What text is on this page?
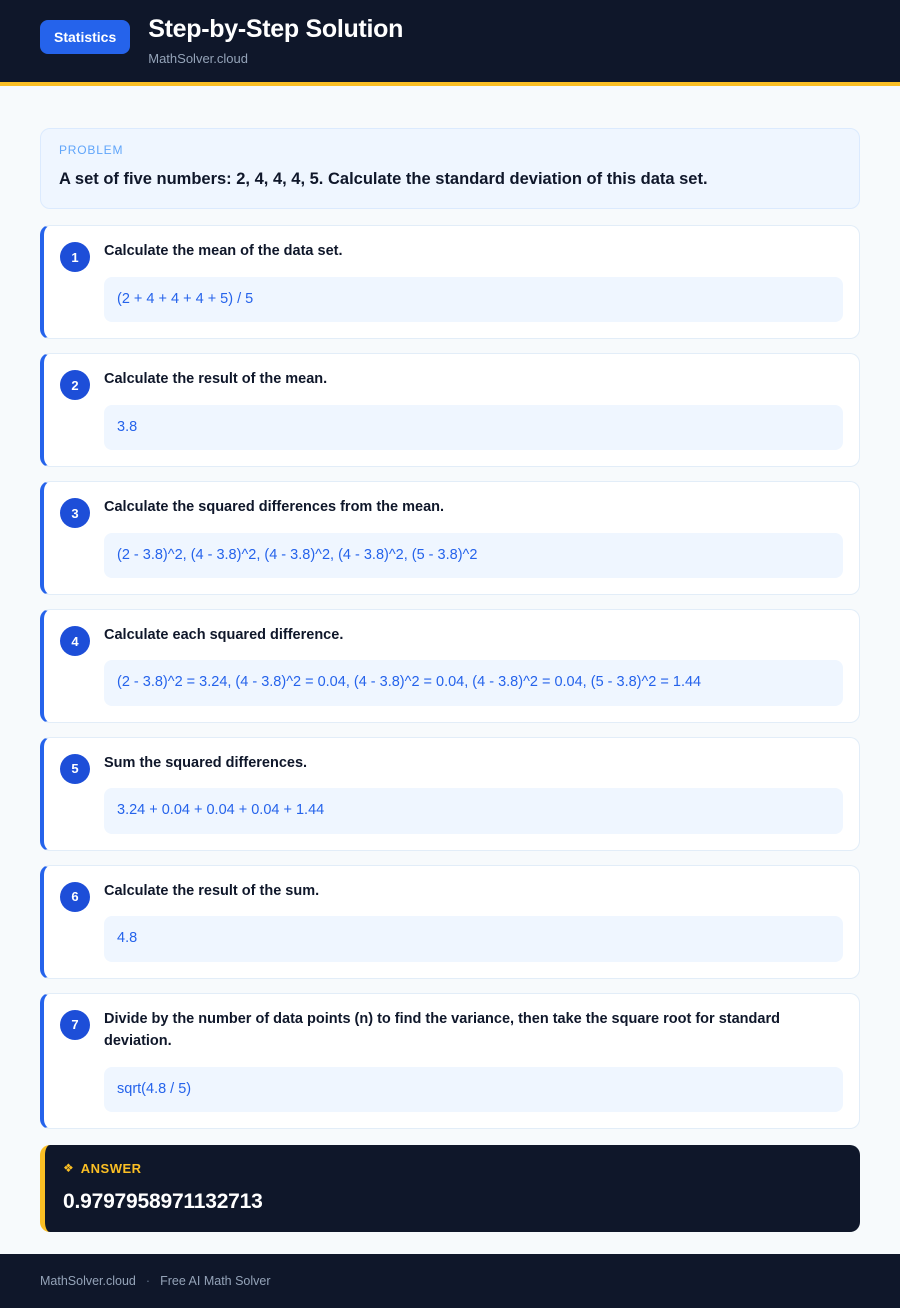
Statistics	Step-by-Step Solution
MathSolver.cloud
PROBLEM
A set of five numbers: 2, 4, 4, 4, 5. Calculate the standard deviation of this data set.
1	Calculate the mean of the data set.
(2 + 4 + 4 + 4 + 5) / 5
2	Calculate the result of the mean.
3.8
3	Calculate the squared differences from the mean.
(2 - 3.8)^2, (4 - 3.8)^2, (4 - 3.8)^2, (4 - 3.8)^2, (5 - 3.8)^2
4	Calculate each squared difference.
(2 - 3.8)^2 = 3.24, (4 - 3.8)^2 = 0.04, (4 - 3.8)^2 = 0.04, (4 - 3.8)^2 = 0.04, (5 - 3.8)^2 = 1.44
5	Sum the squared differences.
3.24 + 0.04 + 0.04 + 0.04 + 1.44
6	Calculate the result of the sum.
4.8
7	Divide by the number of data points (n) to find the variance, then take the square root for standard deviation.
sqrt(4.8 / 5)
❖ ANSWER
0.9797958971132713
MathSolver.cloud · Free AI Math Solver
